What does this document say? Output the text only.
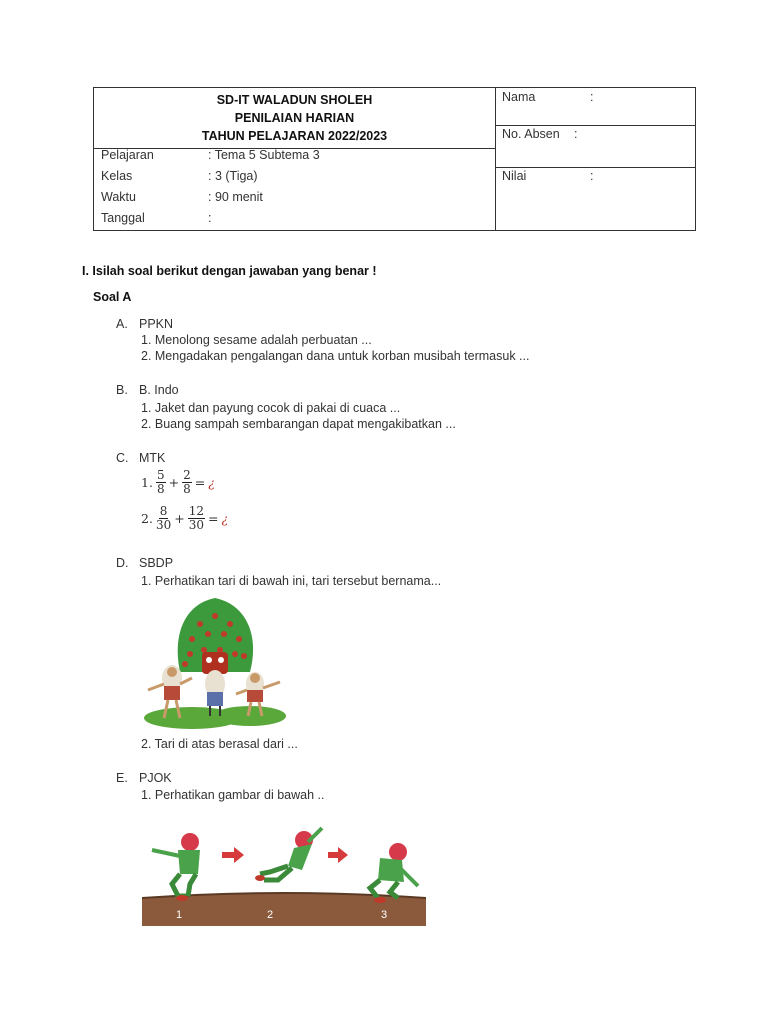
SD-IT WALADUN SHOLEH
PENILAIAN HARIAN
TAHUN PELAJARAN 2022/2023
Pelajaran	: Tema 5 Subtema 3
Kelas	: 3 (Tiga)
Waktu	: 90 menit
Tanggal	:
Nama	:
No. Absen :
Nilai	:
I. Isilah soal berikut dengan jawaban yang benar !
Soal A
A. PPKN
1. Menolong sesame adalah perbuatan ...
2. Mengadakan pengalangan dana untuk korban musibah termasuk ...
B. B. Indo
1. Jaket dan payung cocok di pakai di cuaca ...
2. Buang sampah sembarangan dapat mengakibatkan ...
C. MTK
1. $\frac{5}{8} + \frac{2}{8}$ = ¿
2. $\frac{8}{30} + \frac{12}{30}$ = ¿
D. SBDP
1. Perhatikan tari di bawah ini, tari tersebut bernama...
2. Tari di atas berasal dari ...
E. PJOK
1. Perhatikan gambar di bawah ..
1	2	3
